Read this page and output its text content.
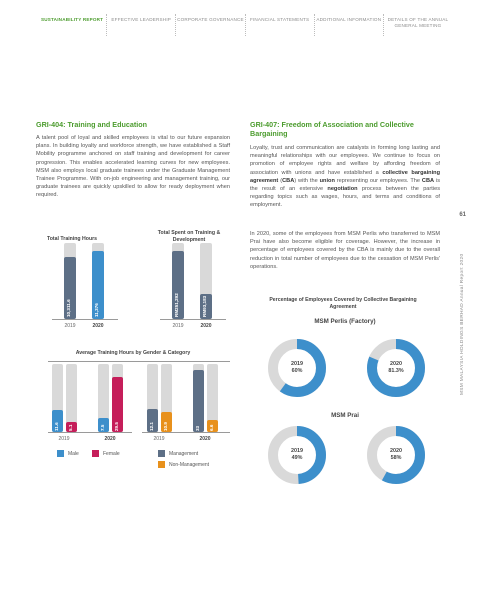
SUSTAINABILITY REPORT	EFFECTIVE LEADERSHIP	CORPORATE GOVERNANCE	FINANCIAL STATEMENTS	ADDITIONAL INFORMATION	DETAILS OF THE ANNUAL GENERAL MEETING
GRI-404: Training and Education

A talent pool of loyal and skilled employees is vital to our future expansion plans. In building loyalty and workforce strength, we have established a Staff Mobility programme anchored on staff training and development for career progression. This enables accelerated learning curves for new employees. MSM also employs local graduate trainees under the Graduate Management Trainee Programme. With on-job engineering and management training, our graduate trainees are quickly upskilled to allow for ready deployment when required.

GRI-407: Freedom of Association and Collective Bargaining

Loyalty, trust and communication are catalysts in forming long lasting and meaningful relationships with our employees. We continue to focus on promotion of employee rights and welfare by affording freedom of association with unions and have established a collective bargaining agreement (CBA) with the union representing our employees. The CBA is the result of an extensive negotiation process between the parties regarding topics such as wages, hours, and terms and conditions of employment.

In 2020, some of the employees from MSM Perlis who transferred to MSM Prai have also become eligible for coverage. However, the increase in percentage of employees covered by the CBA is mainly due to the overall reduction in total number of employees due to the cessation of MSM Perlis' operations.

61
MSM MALAYSIA HOLDINGS BERHAD Annual Report 2020
Total Training Hours
Total Spent on Training & Development
Average Training Hours by Gender & Category
Male	Female	Management
Non-Management
Percentage of Employees Covered by Collective Bargaining Agreement
MSM Perlis (Factory)
MSM Prai
10,311.6
2019
11,376
2020
RM251,292
2019
RM93,183
2020
11.6 5.1
2019
7.5 29.5
2020
12.1 10.9
2019
33 6.6
2020
2019
60%
2020
81.3%
2019
49%
2020
58%
